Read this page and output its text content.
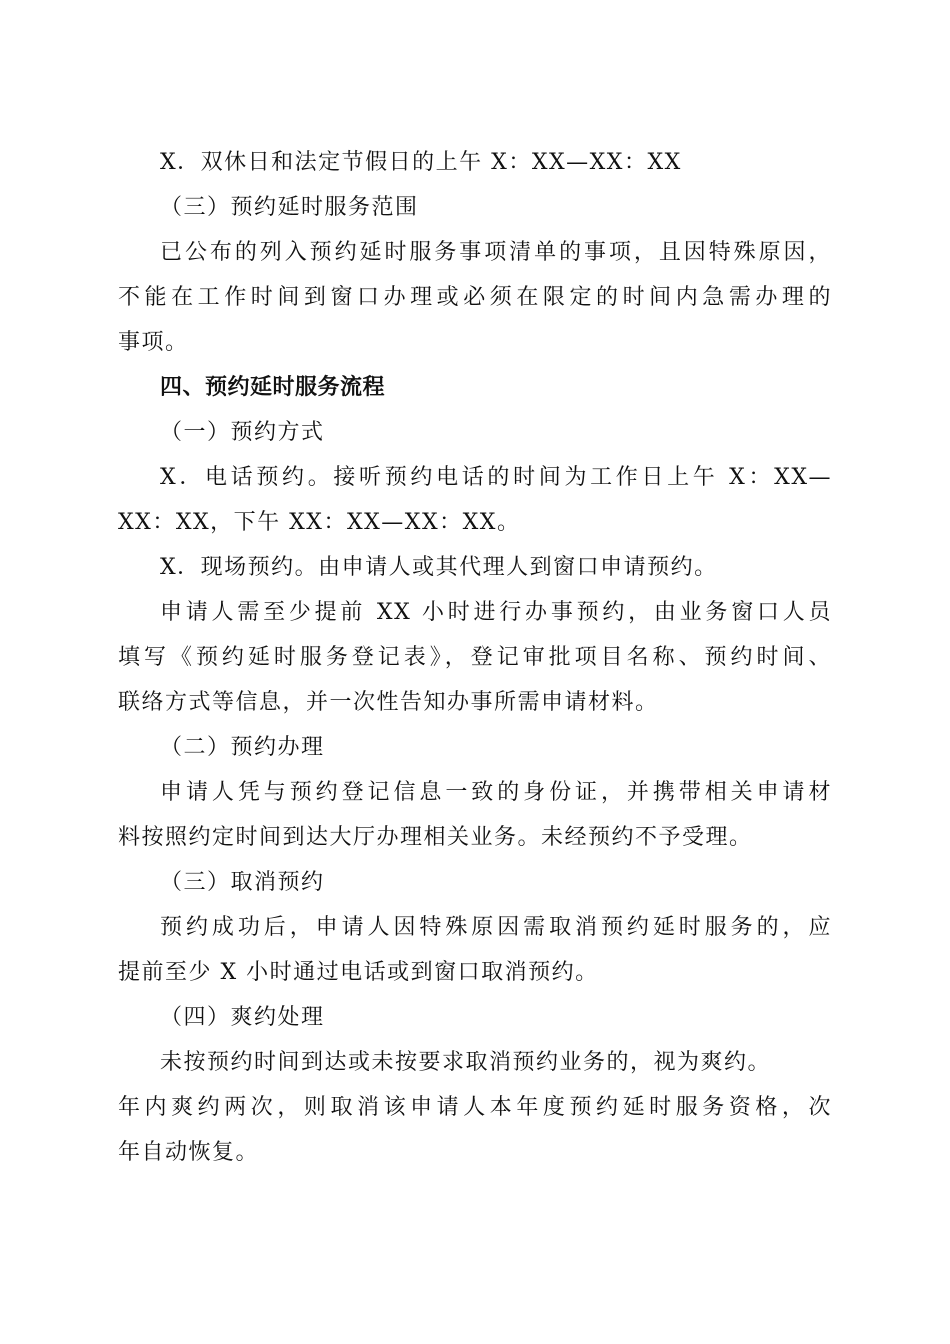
X．双休日和法定节假日的上午 X：XX—XX：XX
（三）预约延时服务范围
已公布的列入预约延时服务事项清单的事项，且因特殊原因，
不能在工作时间到窗口办理或必须在限定的时间内急需办理的
事项。
四、预约延时服务流程
（一）预约方式
X．电话预约。接听预约电话的时间为工作日上午 X：XX—
XX：XX，下午 XX：XX—XX：XX。
X．现场预约。由申请人或其代理人到窗口申请预约。
申请人需至少提前 XX 小时进行办事预约，由业务窗口人员
填写《预约延时服务登记表》，登记审批项目名称、预约时间、
联络方式等信息，并一次性告知办事所需申请材料。
（二）预约办理
申请人凭与预约登记信息一致的身份证，并携带相关申请材
料按照约定时间到达大厅办理相关业务。未经预约不予受理。
（三）取消预约
预约成功后，申请人因特殊原因需取消预约延时服务的，应
提前至少 X 小时通过电话或到窗口取消预约。
（四）爽约处理
未按预约时间到达或未按要求取消预约业务的，视为爽约。
年内爽约两次，则取消该申请人本年度预约延时服务资格，次
年自动恢复。
